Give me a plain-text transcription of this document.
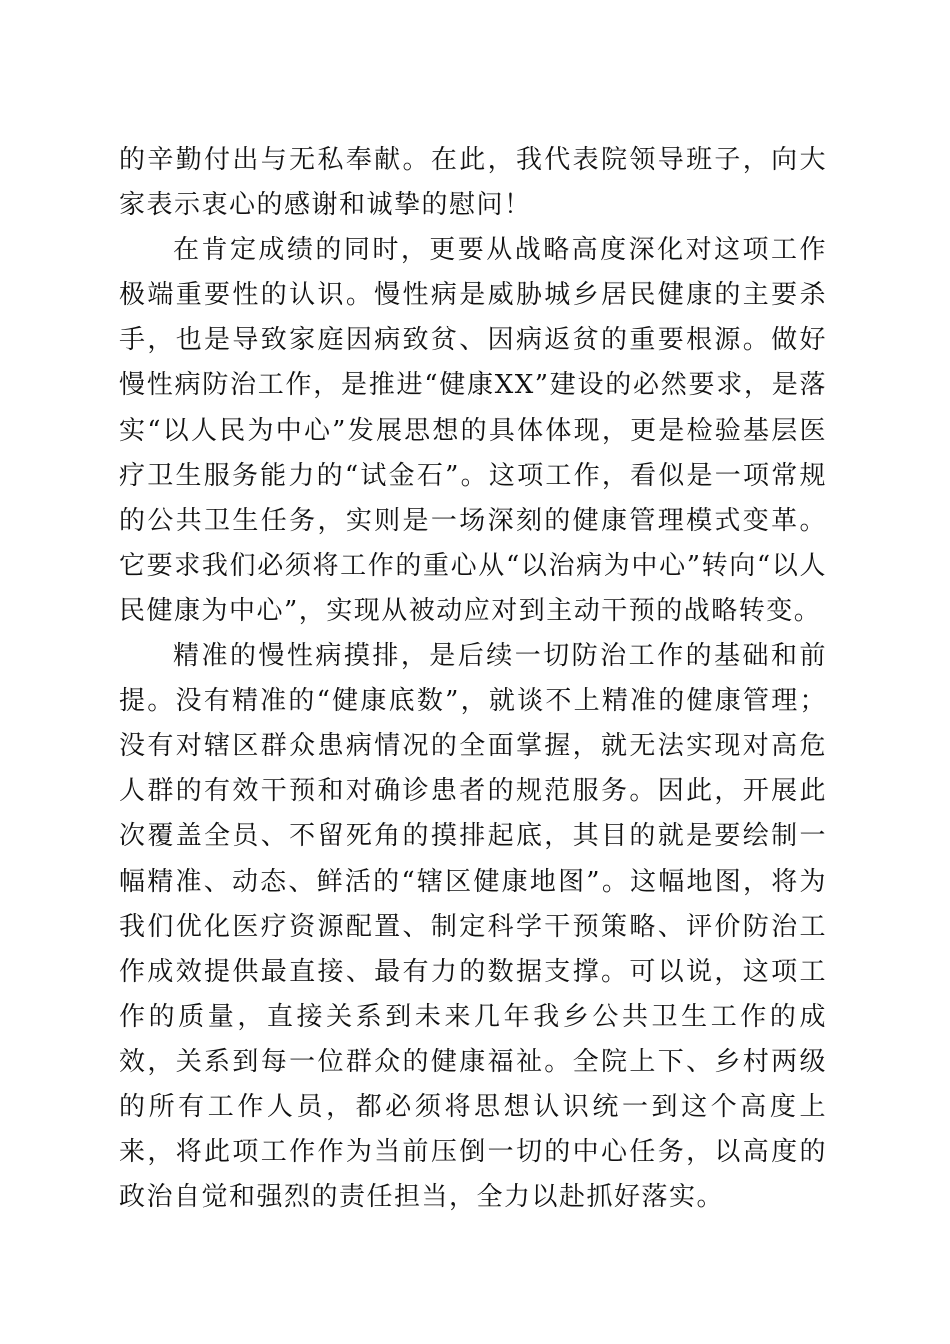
的辛勤付出与无私奉献。在此，我代表院领导班子，向大家表示衷心的感谢和诚挚的慰问！

在肯定成绩的同时，更要从战略高度深化对这项工作极端重要性的认识。慢性病是威胁城乡居民健康的主要杀手，也是导致家庭因病致贫、因病返贫的重要根源。做好慢性病防治工作，是推进“健康XX”建设的必然要求，是落实“以人民为中心”发展思想的具体体现，更是检验基层医疗卫生服务能力的“试金石”。这项工作，看似是一项常规的公共卫生任务，实则是一场深刻的健康管理模式变革。它要求我们必须将工作的重心从“以治病为中心”转向“以人民健康为中心”，实现从被动应对到主动干预的战略转变。

精准的慢性病摸排，是后续一切防治工作的基础和前提。没有精准的“健康底数”，就谈不上精准的健康管理；没有对辖区群众患病情况的全面掌握，就无法实现对高危人群的有效干预和对确诊患者的规范服务。因此，开展此次覆盖全员、不留死角的摸排起底，其目的就是要绘制一幅精准、动态、鲜活的“辖区健康地图”。这幅地图，将为我们优化医疗资源配置、制定科学干预策略、评价防治工作成效提供最直接、最有力的数据支撑。可以说，这项工作的质量，直接关系到未来几年我乡公共卫生工作的成效，关系到每一位群众的健康福祉。全院上下、乡村两级的所有工作人员，都必须将思想认识统一到这个高度上来，将此项工作作为当前压倒一切的中心任务，以高度的政治自觉和强烈的责任担当，全力以赴抓好落实。
